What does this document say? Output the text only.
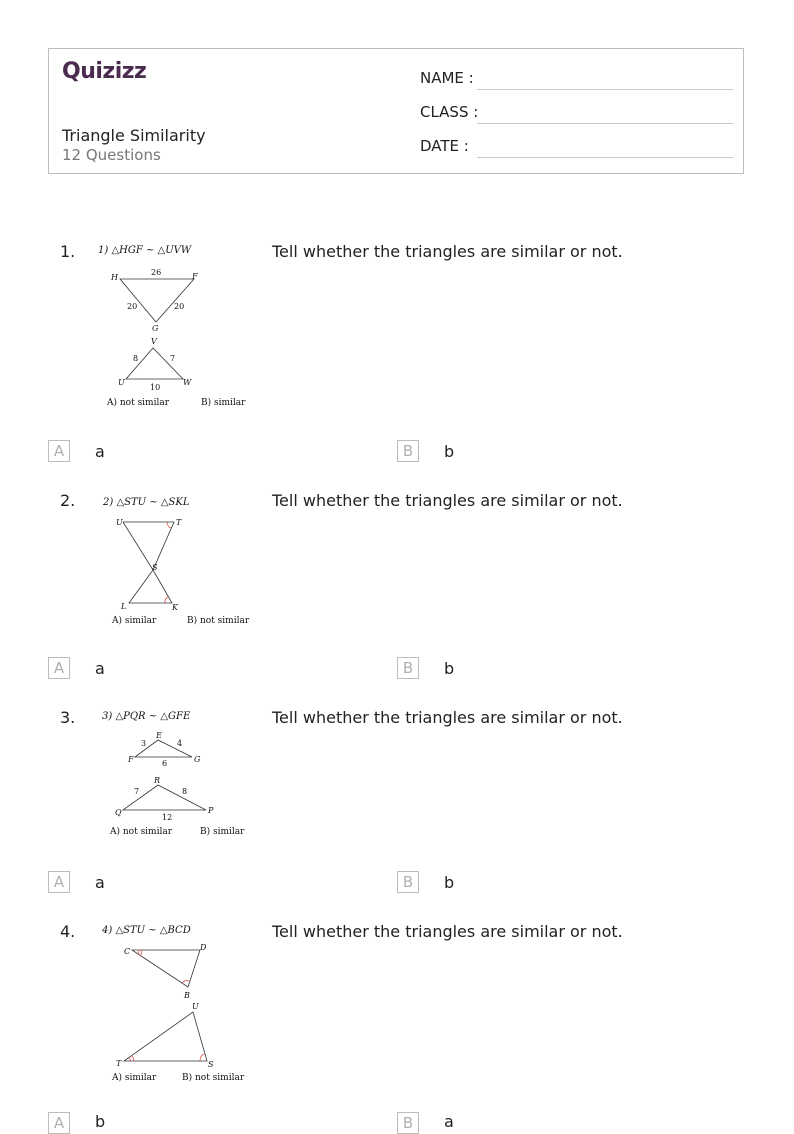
Quizizz
Triangle Similarity
12 Questions
NAME :
CLASS :
DATE :
1.	Tell whether the triangles are similar or not.
1) △HGF ~ △UVW
H	F
G
26
20	20
V
U	W
8	7
10
A) not similar	B) similar
A	a	B	b
2.	Tell whether the triangles are similar or not.
2) △STU ~ △SKL
U	T
S
L	K
A) similar	B) not similar
A	a	B	b
3.	Tell whether the triangles are similar or not.
3) △PQR ~ △GFE
E
F	G
3	4
6
R
Q	P
7	8
12
A) not similar	B) similar
A	a	B	b
4.	Tell whether the triangles are similar or not.
4) △STU ~ △BCD
C	D
B
U
T	S
A) similar	B) not similar
A	b	B	a
